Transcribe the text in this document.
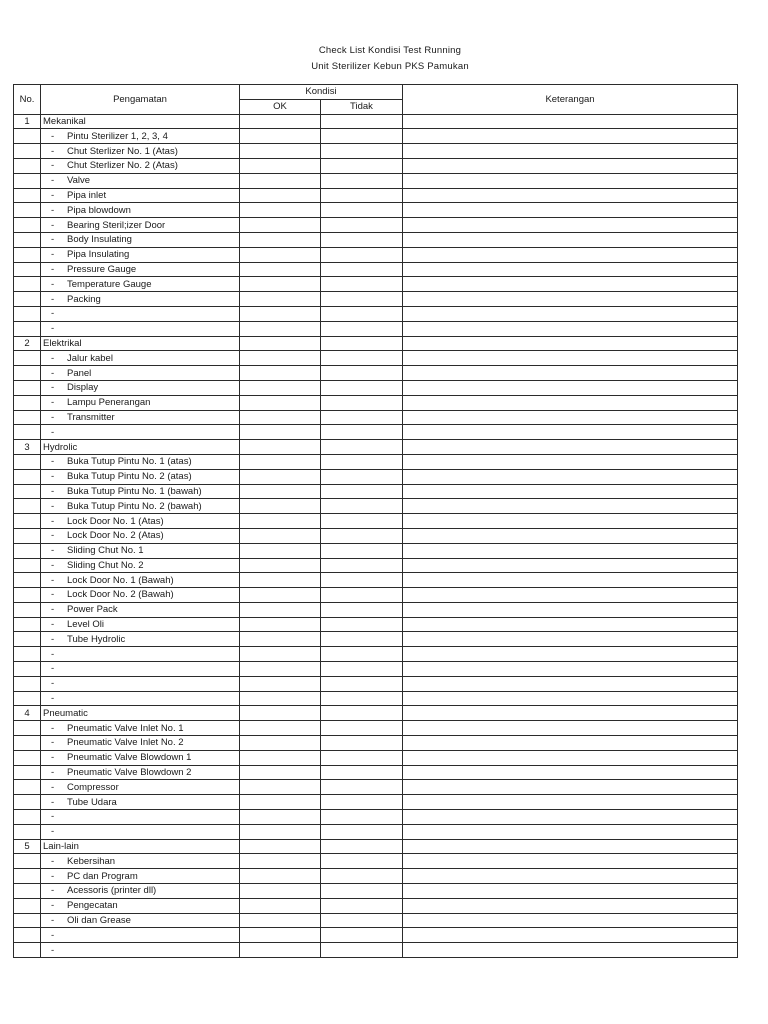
Check List Kondisi Test Running
Unit Sterilizer Kebun PKS Pamukan
No.	Pengamatan	Kondisi		Keterangan
		OK	Tidak	
1	Mekanikal			
	- Pintu Sterilizer 1, 2, 3, 4			
	- Chut Sterlizer No. 1 (Atas)			
	- Chut Sterlizer No. 2 (Atas)			
	- Valve			
	- Pipa inlet			
	- Pipa blowdown			
	- Bearing Steril;izer Door			
	- Body Insulating			
	- Pipa Insulating			
	- Pressure Gauge			
	- Temperature Gauge			
	- Packing			
	-			
	-			
2	Elektrikal			
	- Jalur kabel			
	- Panel			
	- Display			
	- Lampu Penerangan			
	- Transmitter			
	-			
3	Hydrolic			
	- Buka Tutup Pintu No. 1 (atas)			
	- Buka Tutup Pintu No. 2 (atas)			
	- Buka Tutup Pintu No. 1 (bawah)			
	- Buka Tutup Pintu No. 2 (bawah)			
	- Lock Door No. 1 (Atas)			
	- Lock Door No. 2 (Atas)			
	- Sliding Chut No. 1			
	- Sliding Chut No. 2			
	- Lock Door No. 1 (Bawah)			
	- Lock Door No. 2 (Bawah)			
	- Power Pack			
	- Level Oli			
	- Tube Hydrolic			
	-			
	-			
	-			
	-			
4	Pneumatic			
	- Pneumatic Valve Inlet No. 1			
	- Pneumatic Valve Inlet No. 2			
	- Pneumatic Valve Blowdown 1			
	- Pneumatic Valve Blowdown 2			
	- Compressor			
	- Tube Udara			
	-			
	-			
5	Lain-lain			
	- Kebersihan			
	- PC dan Program			
	- Acessoris (printer dll)			
	- Pengecatan			
	- Oli dan Grease			
	-			
	-			
